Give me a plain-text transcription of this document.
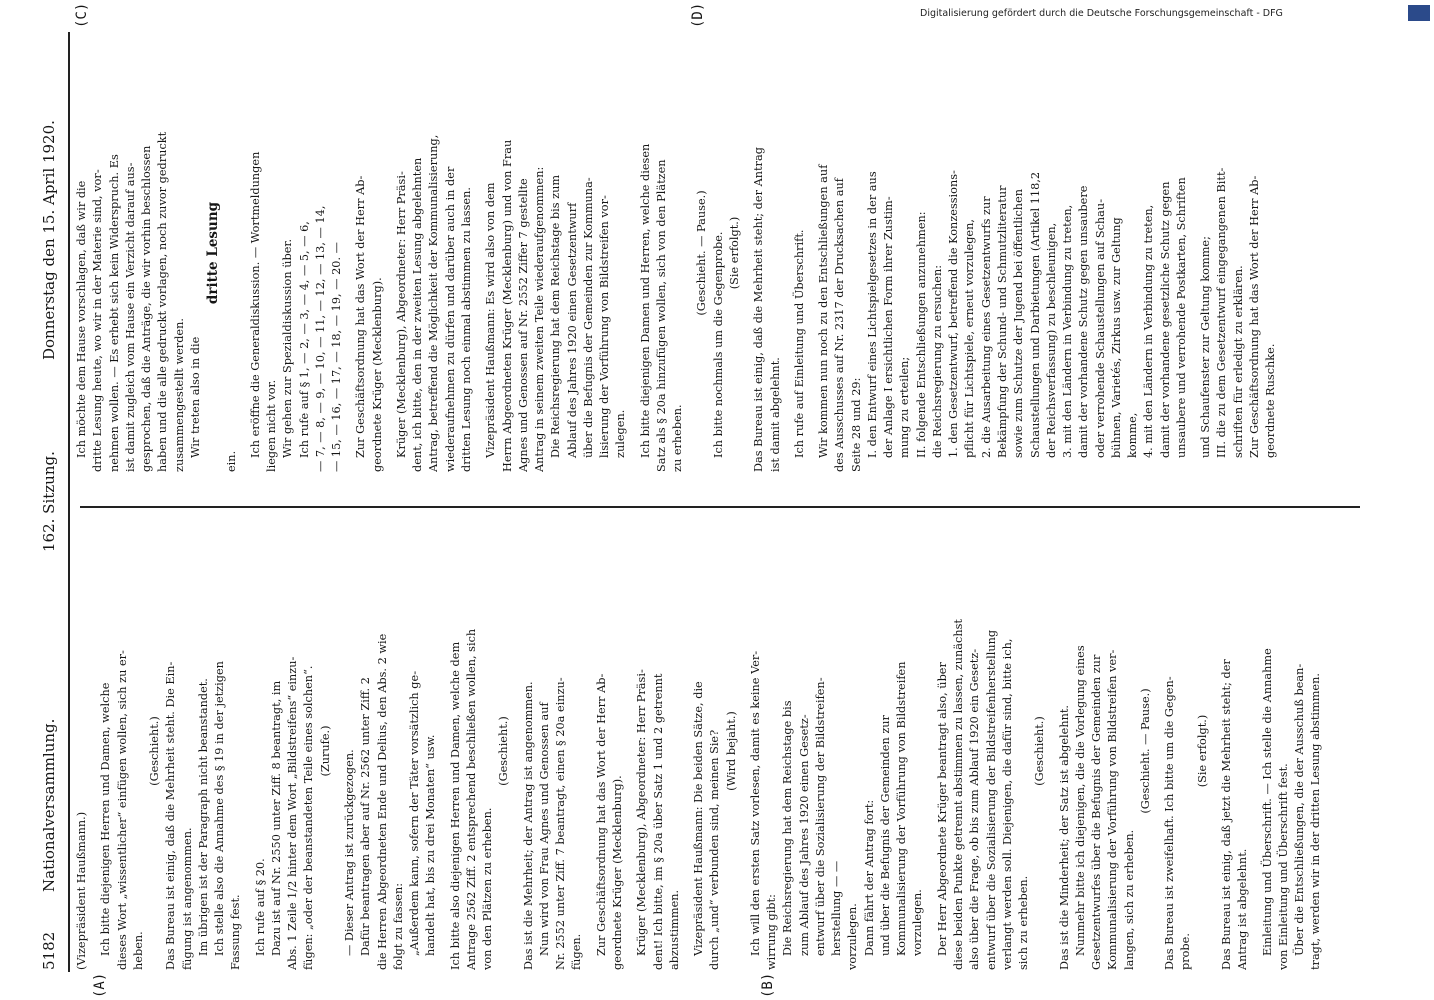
5182
Nationalversammlung.
162. Sitzung.
Donnerstag den 15. April 1920.
(A)	(B)
(C)	(D)
(Vizepräsident Haußmann.) Ich bitte diejenigen Herren und Damen, welche dieses Wort „wissentlicher“ einfügen wollen, sich zu er- heben.
(Geschieht.) Das Bureau ist einig, daß die Mehrheit steht. Die Ein- fügung ist angenommen. Im übrigen ist der Paragraph nicht beanstandet. Ich stelle also die Annahme des § 19 in der jetzigen Fassung fest. Ich rufe auf § 20. Dazu ist auf Nr. 2550 unter Ziff. 8 beantragt, im Abs. 1 Zeile 1/2 hinter dem Wort „Bildstreifens“ einzu- fügen: „oder der beanstandeten Teile eines solchen“. (Zurufe.) — Dieser Antrag ist zurückgezogen. Dafür beantragen aber auf Nr. 2562 unter Ziff. 2 die Herren Abgeordneten Ende und Delius, den Abs. 2 wie folgt zu fassen: „Außerdem kann, sofern der Täter vorsätzlich ge- handelt hat, bis zu drei Monaten“ usw. Ich bitte also diejenigen Herren und Damen, welche dem Antrage 2562 Ziff. 2 entsprechend beschließen wollen, sich von den Plätzen zu erheben.
(Geschieht.) Das ist die Mehrheit; der Antrag ist angenommen. Nun wird von Frau Agnes und Genossen auf Nr. 2552 unter Ziff. 7 beantragt, einen § 20a einzu- fügen. Zur Geschäftsordnung hat das Wort der Herr Ab- geordnete Krüger (Mecklenburg). Krüger (Mecklenburg), Abgeordneter: Herr Präsi- dent! Ich bitte, im § 20a über Satz 1 und 2 getrennt abzustimmen. Vizepräsident Haußmann: Die beiden Sätze, die durch „und“ verbunden sind, meinen Sie? (Wird bejaht.) Ich will den ersten Satz vorlesen, damit es keine Ver- wirrung gibt: Die Reichsregierung hat dem Reichstage bis zum Ablauf des Jahres 1920 einen Gesetz- entwurf über die Sozialisierung der Bildstreifen- herstellung — — vorzulegen. Dann fährt der Antrag fort: und über die Befugnis der Gemeinden zur Kommunalisierung der Vorführung von Bildstreifen vorzulegen. Der Herr Abgeordnete Krüger beantragt also, über diese beiden Punkte getrennt abstimmen zu lassen, zunächst also über die Frage, ob bis zum Ablauf 1920 ein Gesetz- entwurf über die Sozialisierung der Bildstreifenherstellung verlangt werden soll. Diejenigen, die dafür sind, bitte ich, sich zu erheben.
(Geschieht.) Das ist die Minderheit; der Satz ist abgelehnt. Nunmehr bitte ich diejenigen, die die Vorlegung eines Gesetzentwurfes über die Befugnis der Gemeinden zur Kommunalisierung der Vorführung von Bildstreifen ver- langen, sich zu erheben.
(Geschieht. — Pause.) Das Bureau ist zweifelhaft. Ich bitte um die Gegen- probe.
(Sie erfolgt.) Das Bureau ist einig, daß jetzt die Mehrheit steht; der Antrag ist abgelehnt. Einleitung und Überschrift. — Ich stelle die Annahme von Einleitung und Überschrift fest. Über die Entschließungen, die der Ausschuß bean- tragt, werden wir in der dritten Lesung abstimmen.
Ich möchte dem Hause vorschlagen, daß wir die dritte Lesung heute, wo wir in der Materie sind, vor- nehmen wollen. — Es erhebt sich kein Widerspruch. Es ist damit zugleich vom Hause ein Verzicht darauf aus- gesprochen, daß die Anträge, die wir vorhin beschlossen haben und die alle gedruckt vorlagen, noch zuvor gedruckt zusammengestellt werden. Wir treten also in die
dritte Lesung
ein.
Ich eröffne die Generaldiskussion. — Wortmeldungen liegen nicht vor. Wir gehen zur Spezialdiskussion über. Ich rufe auf § 1, — 2, — 3, — 4, — 5, — 6, — 7, — 8, — 9, — 10, — 11, — 12, — 13, — 14, — 15, — 16, — 17, — 18, — 19, — 20. — Zur Geschäftsordnung hat das Wort der Herr Ab- geordnete Krüger (Mecklenburg). Krüger (Mecklenburg), Abgeordneter: Herr Präsi- dent, ich bitte, den in der zweiten Lesung abgelehnten Antrag, betreffend die Möglichkeit der Kommunalisierung, wiederaufnehmen zu dürfen und darüber auch in der dritten Lesung noch einmal abstimmen zu lassen. Vizepräsident Haußmann: Es wird also von dem Herrn Abgeordneten Krüger (Mecklenburg) und von Frau Agnes und Genossen auf Nr. 2552 Ziffer 7 gestellte Antrag in seinem zweiten Teile wiederaufgenommen: Die Reichsregierung hat dem Reichstage bis zum Ablauf des Jahres 1920 einen Gesetzentwurf über die Befugnis der Gemeinden zur Kommuna- lisierung der Vorführung von Bildstreifen vor- zulegen. Ich bitte diejenigen Damen und Herren, welche diesen Satz als § 20a hinzufügen wollen, sich von den Plätzen zu erheben.
(Geschieht. — Pause.) Ich bitte nochmals um die Gegenprobe. (Sie erfolgt.) Das Bureau ist einig, daß die Mehrheit steht; der Antrag ist damit abgelehnt. Ich rufe auf Einleitung und Überschrift. Wir kommen nun noch zu den Entschließungen auf des Ausschusses auf Nr. 2317 der Drucksachen auf Seite 28 und 29: I. den Entwurf eines Lichtspielgesetzes in der aus der Anlage I ersichtlichen Form ihrer Zustim- mung zu erteilen; II. folgende Entschließungen anzunehmen: die Reichsregierung zu ersuchen: 1. den Gesetzentwurf, betreffend die Konzessions- pflicht für Lichtspiele, erneut vorzulegen, 2. die Ausarbeitung eines Gesetzentwurfs zur Bekämpfung der Schund- und Schmutzliteratur sowie zum Schutze der Jugend bei öffentlichen Schaustellungen und Darbietungen (Artikel 118,2 der Reichsverfassung) zu beschleunigen, 3. mit den Ländern in Verbindung zu treten, damit der vorhandene Schutz gegen unsaubere oder verrohende Schaustellungen auf Schau- bühnen, Varietés, Zirkus usw. zur Geltung komme, 4. mit den Ländern in Verbindung zu treten, damit der vorhandene gesetzliche Schutz gegen unsaubere und verrohende Postkarten, Schriften und Schaufenster zur Geltung komme; III. die zu dem Gesetzentwurf eingegangenen Bitt- schriften für erledigt zu erklären. Zur Geschäftsordnung hat das Wort der Herr Ab- geordnete Ruschke.
Digitalisierung gefördert durch die Deutsche Forschungsgemeinschaft - DFG
